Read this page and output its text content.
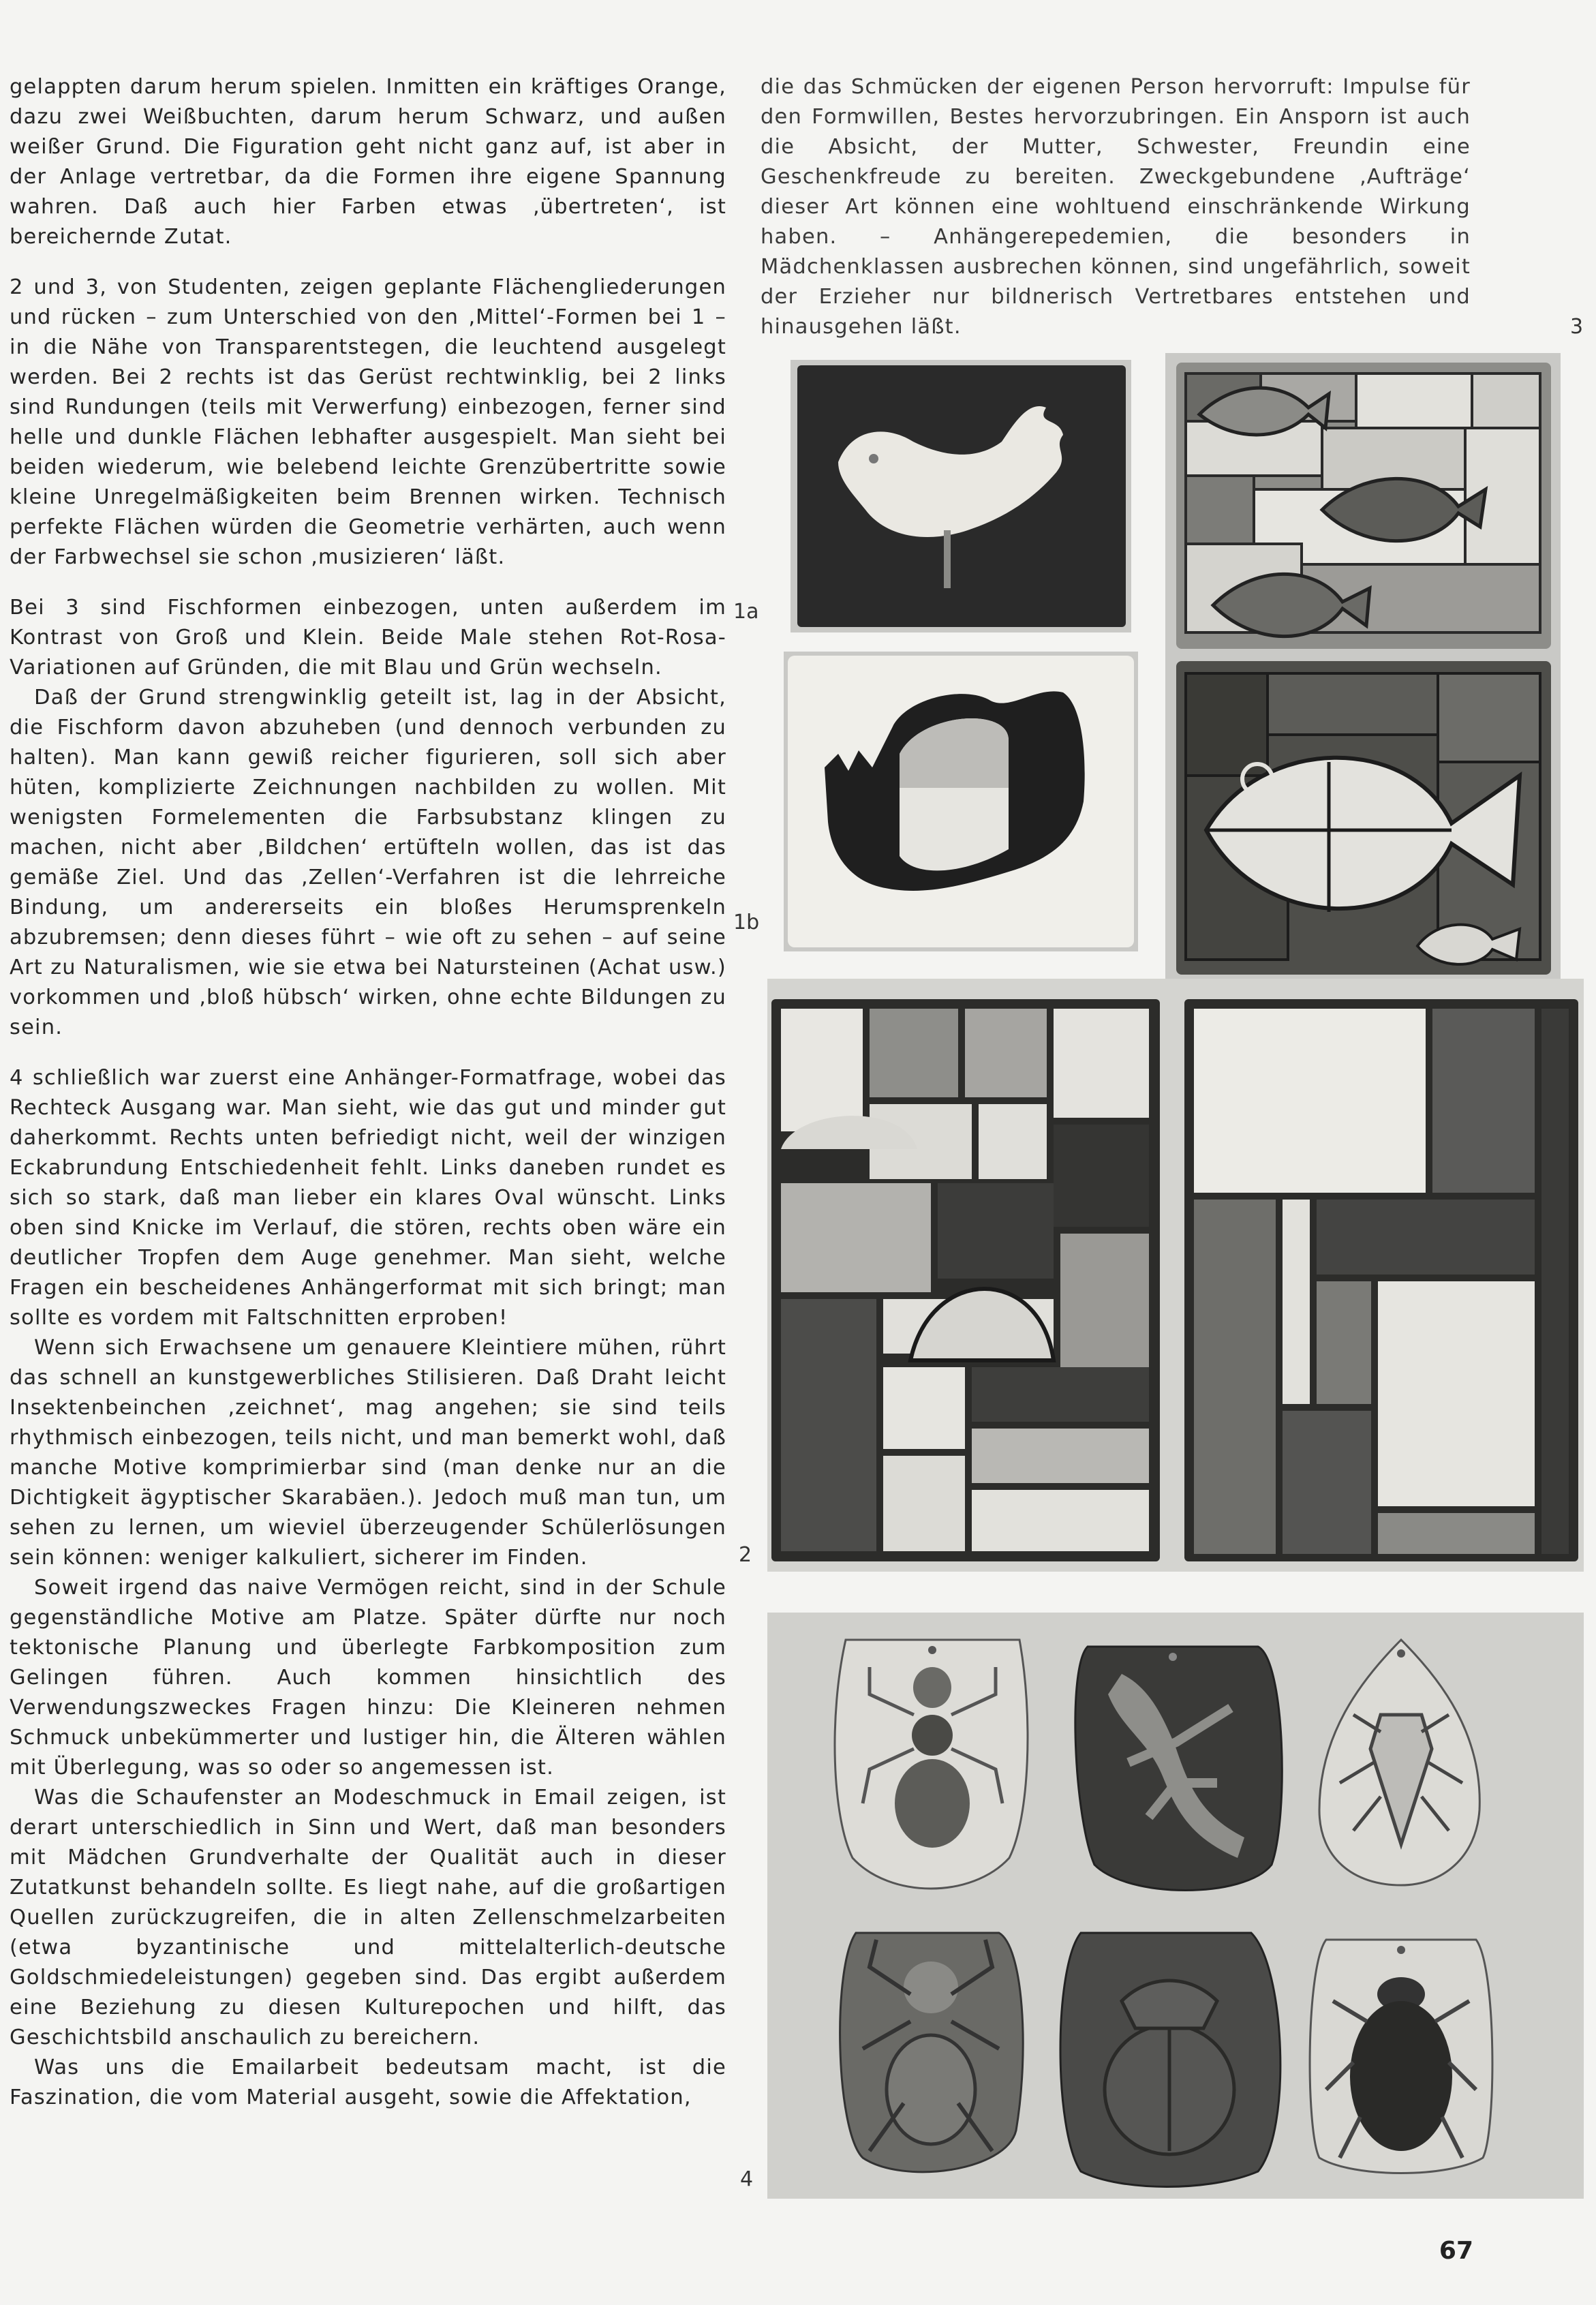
gelappten darum herum spielen. Inmitten ein kräftiges Orange, dazu zwei Weißbuchten, darum herum Schwarz, und außen weißer Grund. Die Figuration geht nicht ganz auf, ist aber in der Anlage vertretbar, da die Formen ihre eigene Spannung wahren. Daß auch hier Farben etwas ‚übertreten‘, ist bereichernde Zutat.

2 und 3, von Studenten, zeigen geplante Flächengliederungen und rücken – zum Unterschied von den ‚Mittel‘-Formen bei 1 – in die Nähe von Transparentstegen, die leuchtend ausgelegt werden. Bei 2 rechts ist das Gerüst rechtwinklig, bei 2 links sind Rundungen (teils mit Verwerfung) einbezogen, ferner sind helle und dunkle Flächen lebhafter ausgespielt. Man sieht bei beiden wiederum, wie belebend leichte Grenzübertritte sowie kleine Unregelmäßigkeiten beim Brennen wirken. Technisch perfekte Flächen würden die Geometrie verhärten, auch wenn der Farbwechsel sie schon ‚musizieren‘ läßt.

Bei 3 sind Fischformen einbezogen, unten außerdem im Kontrast von Groß und Klein. Beide Male stehen Rot-Rosa-Variationen auf Gründen, die mit Blau und Grün wechseln.

Daß der Grund strengwinklig geteilt ist, lag in der Absicht, die Fischform davon abzuheben (und dennoch verbunden zu halten). Man kann gewiß reicher figurieren, soll sich aber hüten, komplizierte Zeichnungen nachbilden zu wollen. Mit wenigsten Formelementen die Farbsubstanz klingen zu machen, nicht aber ‚Bildchen‘ ertüfteln wollen, das ist das gemäße Ziel. Und das ‚Zellen‘-Verfahren ist die lehrreiche Bindung, um andererseits ein bloßes Herumsprenkeln abzubremsen; denn dieses führt – wie oft zu sehen – auf seine Art zu Naturalismen, wie sie etwa bei Natursteinen (Achat usw.) vorkommen und ‚bloß hübsch‘ wirken, ohne echte Bildungen zu sein.

4 schließlich war zuerst eine Anhänger-Formatfrage, wobei das Rechteck Ausgang war. Man sieht, wie das gut und minder gut daherkommt. Rechts unten befriedigt nicht, weil der winzigen Eckabrundung Entschiedenheit fehlt. Links daneben rundet es sich so stark, daß man lieber ein klares Oval wünscht. Links oben sind Knicke im Verlauf, die stören, rechts oben wäre ein deutlicher Tropfen dem Auge genehmer. Man sieht, welche Fragen ein bescheidenes Anhängerformat mit sich bringt; man sollte es vordem mit Faltschnitten erproben!

Wenn sich Erwachsene um genauere Kleintiere mühen, rührt das schnell an kunstgewerbliches Stilisieren. Daß Draht leicht Insektenbeinchen ‚zeichnet‘, mag angehen; sie sind teils rhythmisch einbezogen, teils nicht, und man bemerkt wohl, daß manche Motive komprimierbar sind (man denke nur an die Dichtigkeit ägyptischer Skarabäen.). Jedoch muß man tun, um sehen zu lernen, um wieviel überzeugender Schülerlösungen sein können: weniger kalkuliert, sicherer im Finden.

Soweit irgend das naive Vermögen reicht, sind in der Schule gegenständliche Motive am Platze. Später dürfte nur noch tektonische Planung und überlegte Farbkomposition zum Gelingen führen. Auch kommen hinsichtlich des Verwendungszweckes Fragen hinzu: Die Kleineren nehmen Schmuck unbekümmerter und lustiger hin, die Älteren wählen mit Überlegung, was so oder so angemessen ist.

Was die Schaufenster an Modeschmuck in Email zeigen, ist derart unterschiedlich in Sinn und Wert, daß man besonders mit Mädchen Grundverhalte der Qualität auch in dieser Zutatkunst behandeln sollte. Es liegt nahe, auf die großartigen Quellen zurückzugreifen, die in alten Zellenschmelzarbeiten (etwa byzantinische und mittelalterlich-deutsche Goldschmiedeleistungen) gegeben sind. Das ergibt außerdem eine Beziehung zu diesen Kulturepochen und hilft, das Geschichtsbild anschaulich zu bereichern.

Was uns die Emailarbeit bedeutsam macht, ist die Faszination, die vom Material ausgeht, sowie die Affektation,

die das Schmücken der eigenen Person hervorruft: Impulse für den Formwillen, Bestes hervorzubringen. Ein Ansporn ist auch die Absicht, der Mutter, Schwester, Freundin eine Geschenkfreude zu bereiten. Zweckgebundene ‚Aufträge‘ dieser Art können eine wohltuend einschränkende Wirkung haben. – Anhängerepedemien, die besonders in Mädchenklassen ausbrechen können, sind ungefährlich, soweit der Erzieher nur bildnerisch Vertretbares entstehen und hinausgehen läßt.	3
1a
1b
2
4
67
